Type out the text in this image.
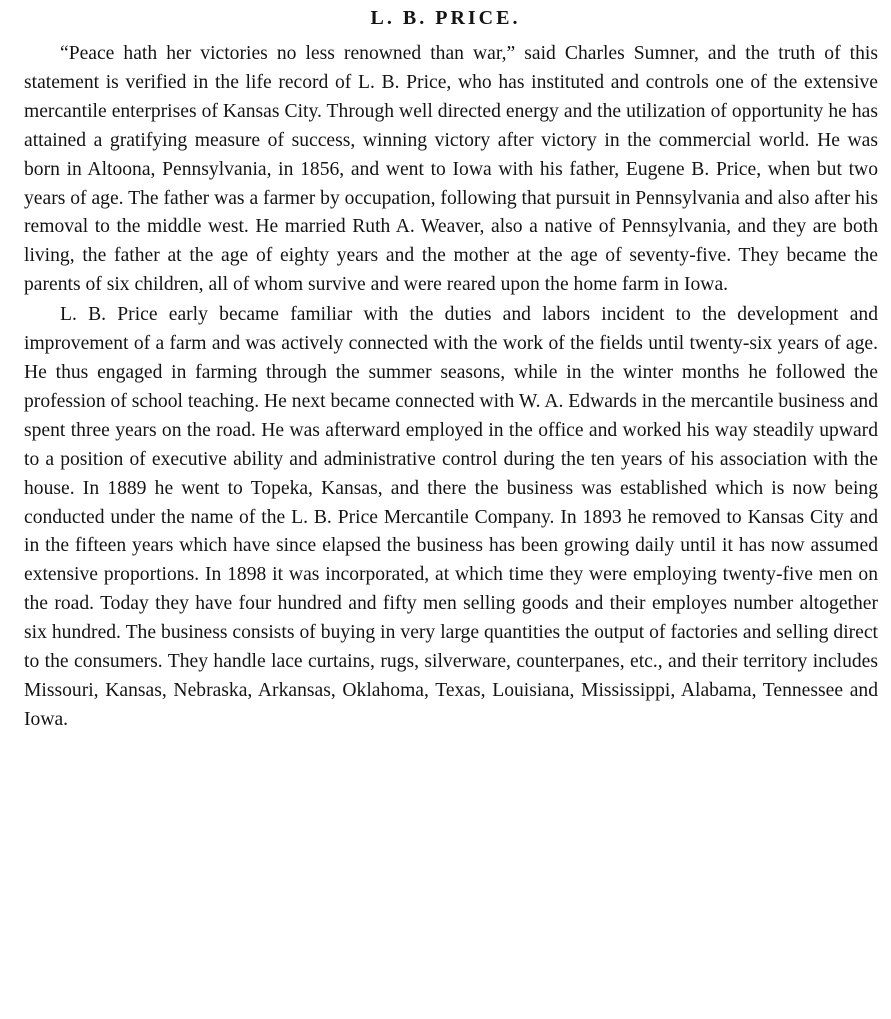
L. B. PRICE.

“Peace hath her victories no less renowned than war,” said Charles Sumner, and the truth of this statement is verified in the life record of L. B. Price, who has instituted and controls one of the extensive mercantile enterprises of Kansas City. Through well directed energy and the utilization of opportunity he has attained a gratifying measure of success, winning victory after victory in the commercial world. He was born in Altoona, Pennsylvania, in 1856, and went to Iowa with his father, Eugene B. Price, when but two years of age. The father was a farmer by occupation, following that pursuit in Pennsylvania and also after his removal to the middle west. He married Ruth A. Weaver, also a native of Pennsylvania, and they are both living, the father at the age of eighty years and the mother at the age of seventy-five. They became the parents of six children, all of whom survive and were reared upon the home farm in Iowa.

L. B. Price early became familiar with the duties and labors incident to the development and improvement of a farm and was actively connected with the work of the fields until twenty-six years of age. He thus engaged in farming through the summer seasons, while in the winter months he followed the profession of school teaching. He next became connected with W. A. Edwards in the mercantile business and spent three years on the road. He was afterward employed in the office and worked his way steadily upward to a position of executive ability and administrative control during the ten years of his association with the house. In 1889 he went to Topeka, Kansas, and there the business was established which is now being conducted under the name of the L. B. Price Mercantile Company. In 1893 he removed to Kansas City and in the fifteen years which have since elapsed the business has been growing daily until it has now assumed extensive proportions. In 1898 it was incorporated, at which time they were employing twenty-five men on the road. Today they have four hundred and fifty men selling goods and their employes number altogether six hundred. The business consists of buying in very large quantities the output of factories and selling direct to the consumers. They handle lace curtains, rugs, silverware, counterpanes, etc., and their territory includes Missouri, Kansas, Nebraska, Arkansas, Oklahoma, Texas, Louisiana, Mississippi, Alabama, Tennessee and Iowa.
